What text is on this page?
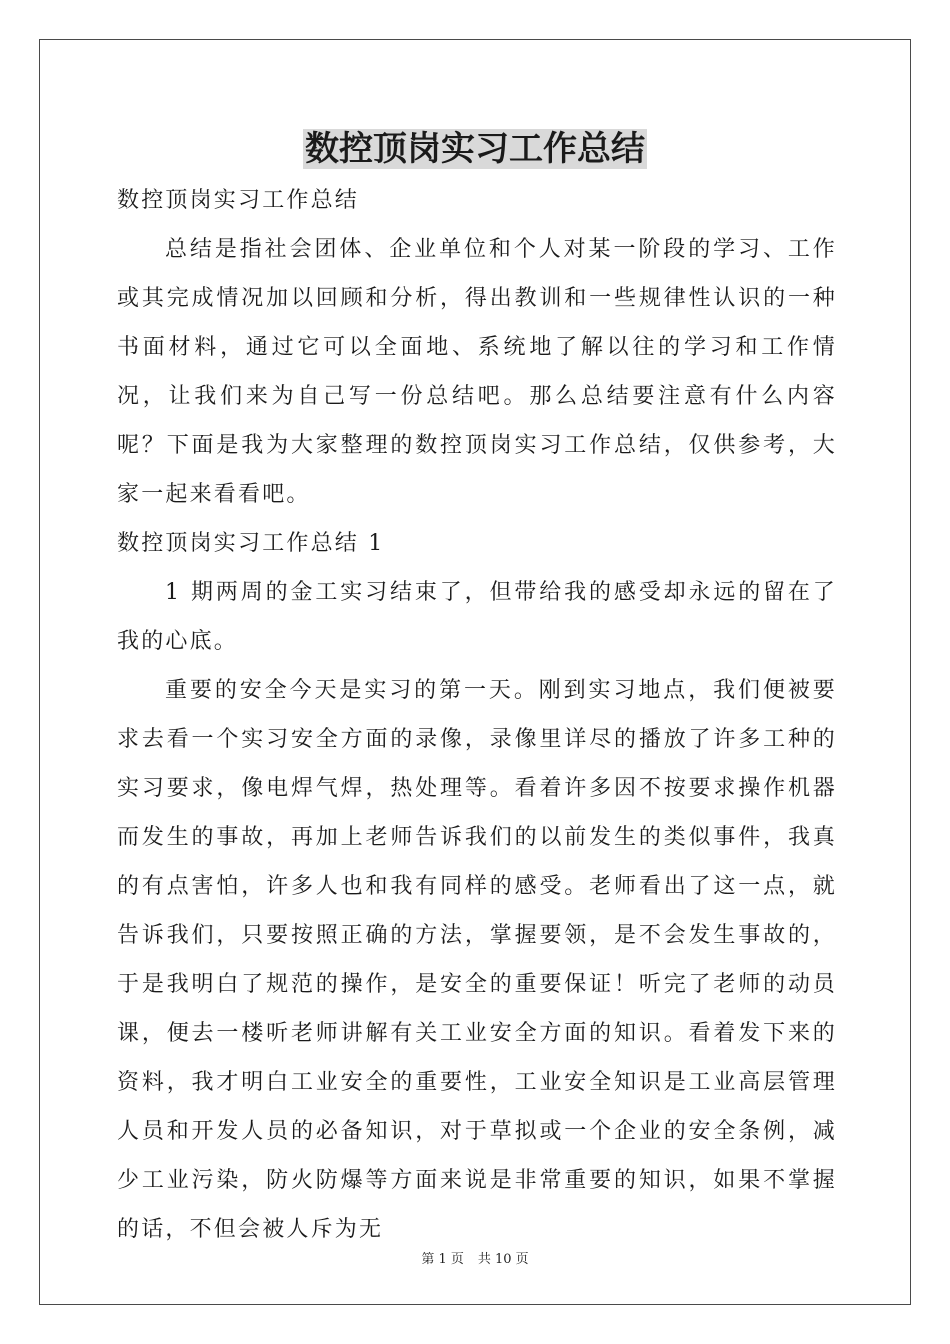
数控顶岗实习工作总结

数控顶岗实习工作总结

总结是指社会团体、企业单位和个人对某一阶段的学习、工作或其完成情况加以回顾和分析，得出教训和一些规律性认识的一种书面材料，通过它可以全面地、系统地了解以往的学习和工作情况，让我们来为自己写一份总结吧。那么总结要注意有什么内容呢？下面是我为大家整理的数控顶岗实习工作总结，仅供参考，大家一起来看看吧。

数控顶岗实习工作总结 1

1 期两周的金工实习结束了，但带给我的感受却永远的留在了我的心底。

重要的安全今天是实习的第一天。刚到实习地点，我们便被要求去看一个实习安全方面的录像，录像里详尽的播放了许多工种的实习要求，像电焊气焊，热处理等。看着许多因不按要求操作机器而发生的事故，再加上老师告诉我们的以前发生的类似事件，我真的有点害怕，许多人也和我有同样的感受。老师看出了这一点，就告诉我们，只要按照正确的方法，掌握要领，是不会发生事故的，于是我明白了规范的操作，是安全的重要保证！听完了老师的动员课，便去一楼听老师讲解有关工业安全方面的知识。看着发下来的资料，我才明白工业安全的重要性，工业安全知识是工业高层管理人员和开发人员的必备知识，对于草拟或一个企业的安全条例，减少工业污染，防火防爆等方面来说是非常重要的知识，如果不掌握的话，不但会被人斥为无

第 1 页 共 10 页
